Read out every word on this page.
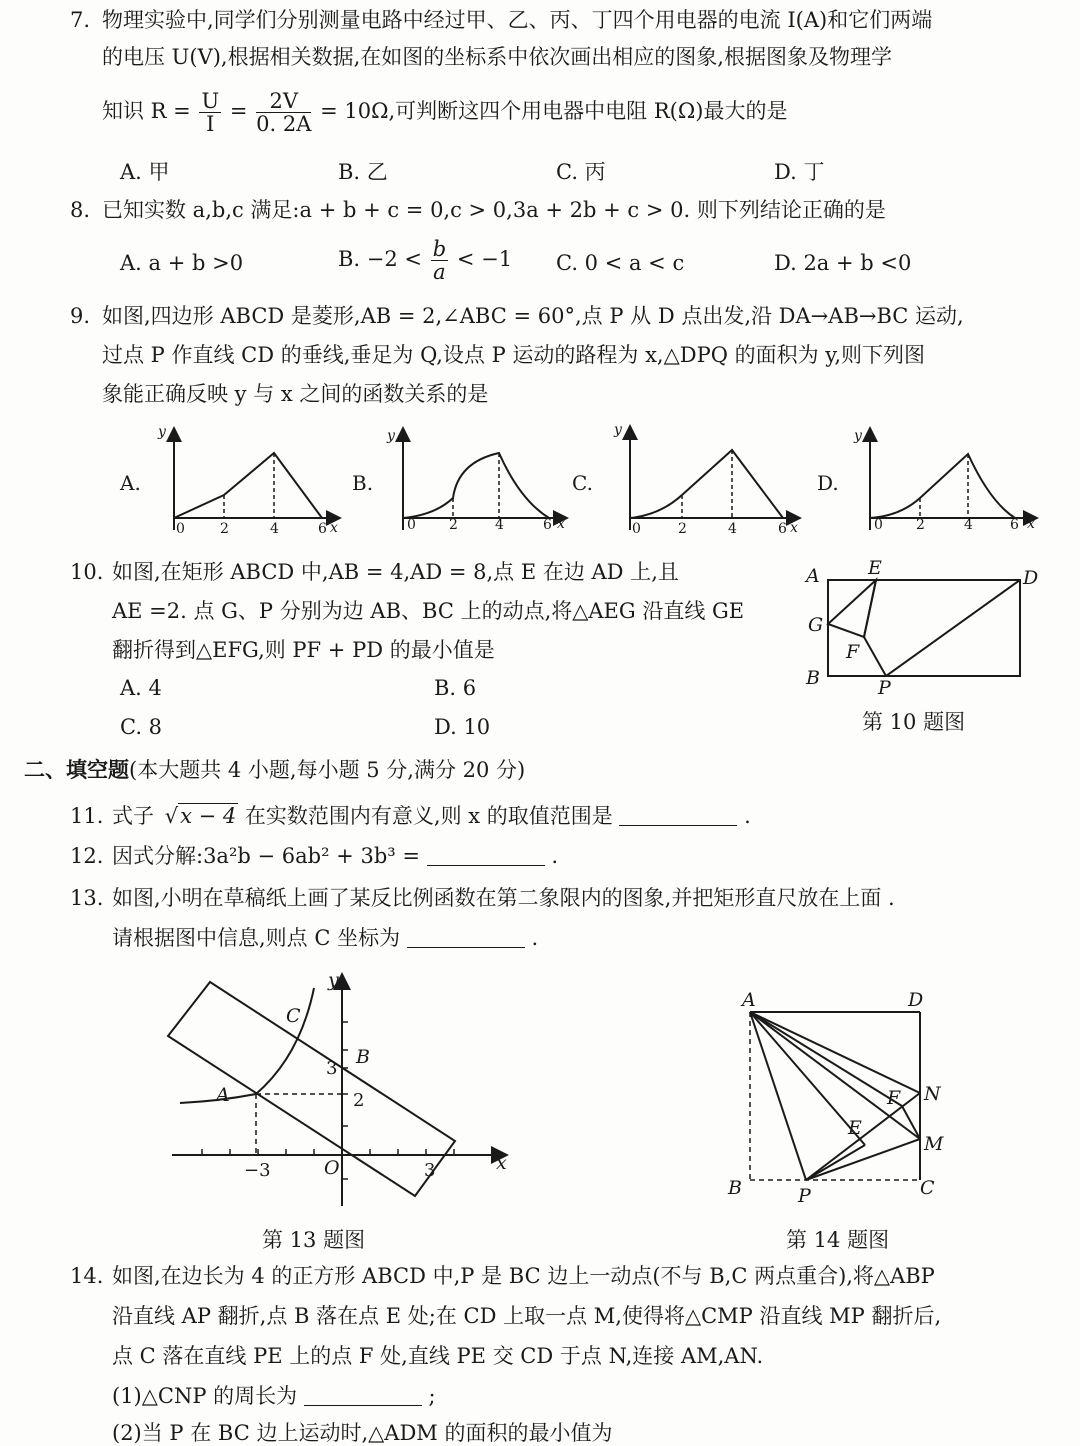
7. 物理实验中,同学们分别测量电路中经过甲、乙、丙、丁四个用电器的电流 I(A)和它们两端
的电压 U(V),根据相关数据,在如图的坐标系中依次画出相应的图象,根据图象及物理学
知识 $R = \frac{U}{I} = \frac{2V}{0. 2A} = 10\Omega$,可判断这四个用电器中电阻 R(Ω)最大的是
A. 甲	B. 乙	C. 丙	D. 丁
8. 已知实数 a,b,c 满足:a + b + c = 0,c > 0,3a + 2b + c > 0. 则下列结论正确的是
A. a + b >0	B. $-2 < \frac{b}{a} < -1$ C. 0 < a < c	D. 2a + b <0
9. 如图,四边形 ABCD 是菱形,AB = 2,∠ABC = 60°,点 P 从 D 点出发,沿 DA→AB→BC 运动,
过点 P 作直线 CD 的垂线,垂足为 Q,设点 P 运动的路程为 x,△DPQ 的面积为 y,则下列图
象能正确反映 y 与 x 之间的函数关系的是
A.	B.	C.	D.
y
x
y
x
y
x
y
x
0	2	4	6	0 2	4	6	0	2	4	6	0 2	4	6
10. 如图,在矩形 ABCD 中,AB = 4,AD = 8,点 E 在边 AD 上,且
AE =2. 点 G、P 分别为边 AB、BC 上的动点,将△AEG 沿直线 GE
翻折得到△EFG,则 PF + PD 的最小值是
A. 4	B. 6
C. 8	D. 10
A	E	D
G
F
B	P
第 10 题图
二、填空题(本大题共 4 小题,每小题 5 分,满分 20 分)
11. 式子 √x − 4 在实数范围内有意义,则 x 的取值范围是	.
12. 因式分解:3a²b − 6ab² + 3b³ =	.
13. 如图,小明在草稿纸上画了某反比例函数在第二象限内的图象,并把矩形直尺放在上面 .
请根据图中信息,则点 C 坐标为	.
y
x
C
B
A
O
3
2
−3	3
第 13 题图
A	D
B	C
P
N
M
E
F
第 14 题图
14. 如图,在边长为 4 的正方形 ABCD 中,P 是 BC 边上一动点(不与 B,C 两点重合),将△ABP
沿直线 AP 翻折,点 B 落在点 E 处;在 CD 上取一点 M,使得将△CMP 沿直线 MP 翻折后,
点 C 落在直线 PE 上的点 F 处,直线 PE 交 CD 于点 N,连接 AM,AN.
(1)△CNP 的周长为	;
(2)当 P 在 BC 边上运动时,△ADM 的面积的最小值为
